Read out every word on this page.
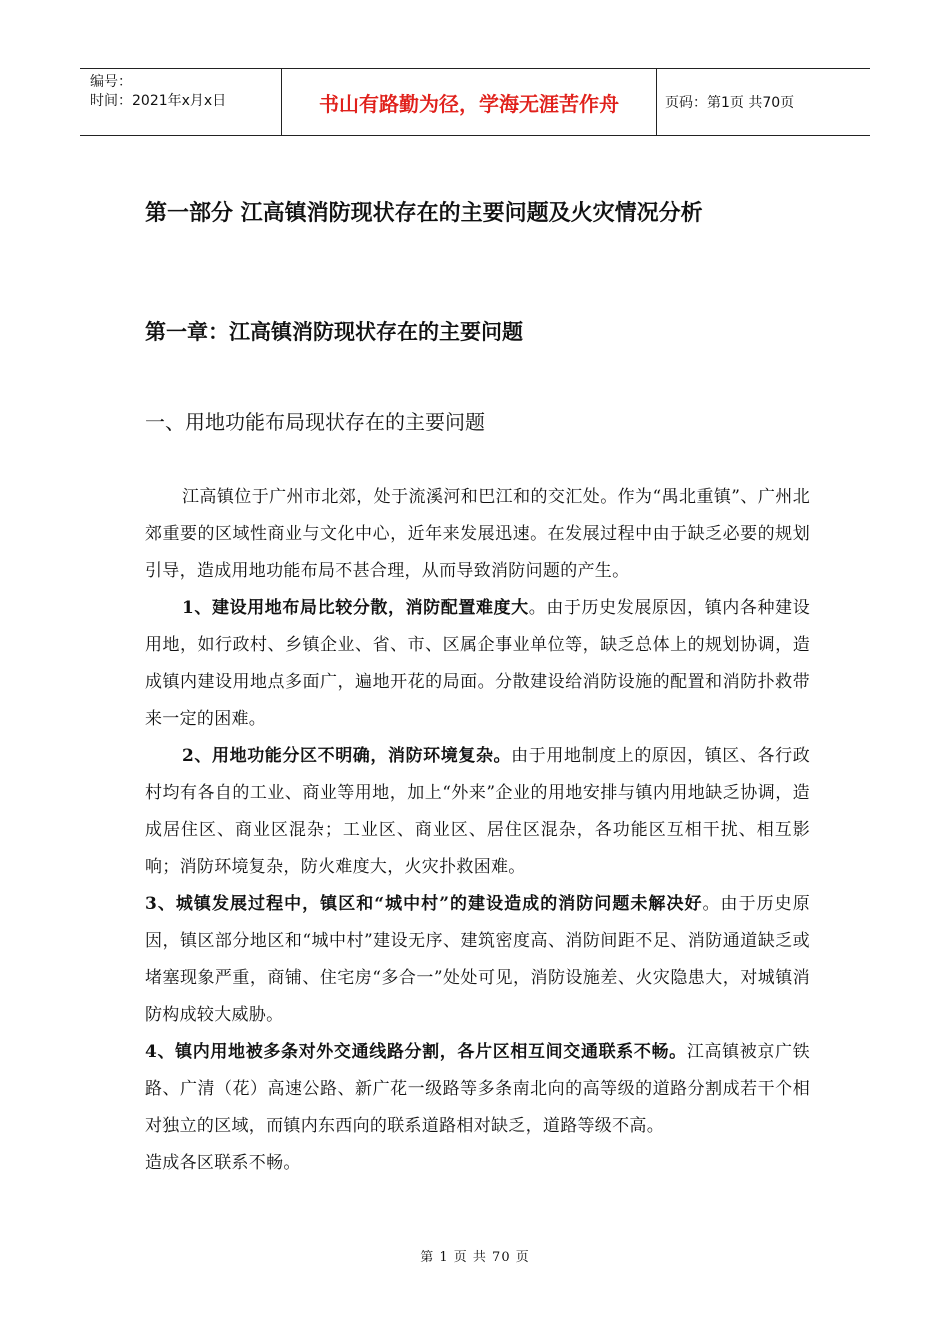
编号：
时间：2021年x月x日	书山有路勤为径，学海无涯苦作舟	页码：第1页 共70页
第一部分 江高镇消防现状存在的主要问题及火灾情况分析
第一章：江高镇消防现状存在的主要问题
一、用地功能布局现状存在的主要问题

江高镇位于广州市北郊，处于流溪河和巴江和的交汇处。作为“禺北重镇”、广州北郊重要的区域性商业与文化中心，近年来发展迅速。在发展过程中由于缺乏必要的规划引导，造成用地功能布局不甚合理，从而导致消防问题的产生。

1、建设用地布局比较分散，消防配置难度大。由于历史发展原因，镇内各种建设用地，如行政村、乡镇企业、省、市、区属企事业单位等，缺乏总体上的规划协调，造成镇内建设用地点多面广，遍地开花的局面。分散建设给消防设施的配置和消防扑救带来一定的困难。

2、用地功能分区不明确，消防环境复杂。由于用地制度上的原因，镇区、各行政村均有各自的工业、商业等用地，加上“外来”企业的用地安排与镇内用地缺乏协调，造成居住区、商业区混杂；工业区、商业区、居住区混杂，各功能区互相干扰、相互影响；消防环境复杂，防火难度大，火灾扑救困难。

3、城镇发展过程中，镇区和“城中村”的建设造成的消防问题未解决好。由于历史原因，镇区部分地区和“城中村”建设无序、建筑密度高、消防间距不足、消防通道缺乏或堵塞现象严重，商铺、住宅房“多合一”处处可见，消防设施差、火灾隐患大，对城镇消防构成较大威胁。

4、镇内用地被多条对外交通线路分割，各片区相互间交通联系不畅。江高镇被京广铁路、广清（花）高速公路、新广花一级路等多条南北向的高等级的道路分割成若干个相对独立的区域，而镇内东西向的联系道路相对缺乏，道路等级不高。

造成各区联系不畅。

第 1 页 共 70 页
